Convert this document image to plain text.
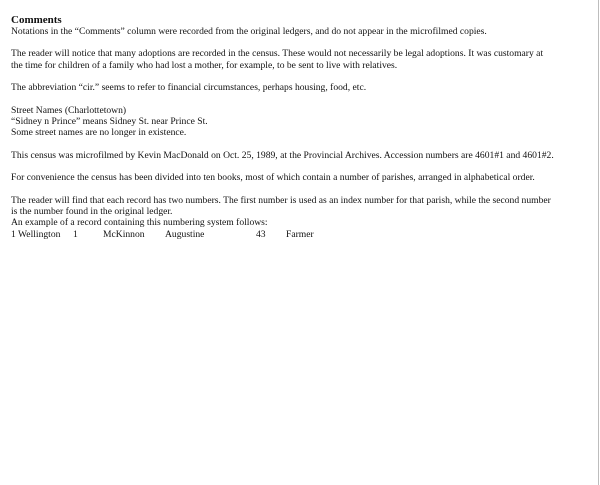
Comments
Notations in the “Comments” column were recorded from the original ledgers, and do not appear in the microfilmed copies.
The reader will notice that many adoptions are recorded in the census. These would not necessarily be legal adoptions. It was customary at
the time for children of a family who had lost a mother, for example, to be sent to live with relatives.
The abbreviation “cir.” seems to refer to financial circumstances, perhaps housing, food, etc.
Street Names (Charlottetown)
“Sidney n Prince” means Sidney St. near Prince St.
Some street names are no longer in existence.
This census was microfilmed by Kevin MacDonald on Oct. 25, 1989, at the Provincial Archives. Accession numbers are 4601#1 and 4601#2.
For convenience the census has been divided into ten books, most of which contain a number of parishes, arranged in alphabetical order.
The reader will find that each record has two numbers. The first number is used as an index number for that parish, while the second number
is the number found in the original ledger.
An example of a record containing this numbering system follows:
1 Wellington 1	McKinnon Augustine	43 Farmer
